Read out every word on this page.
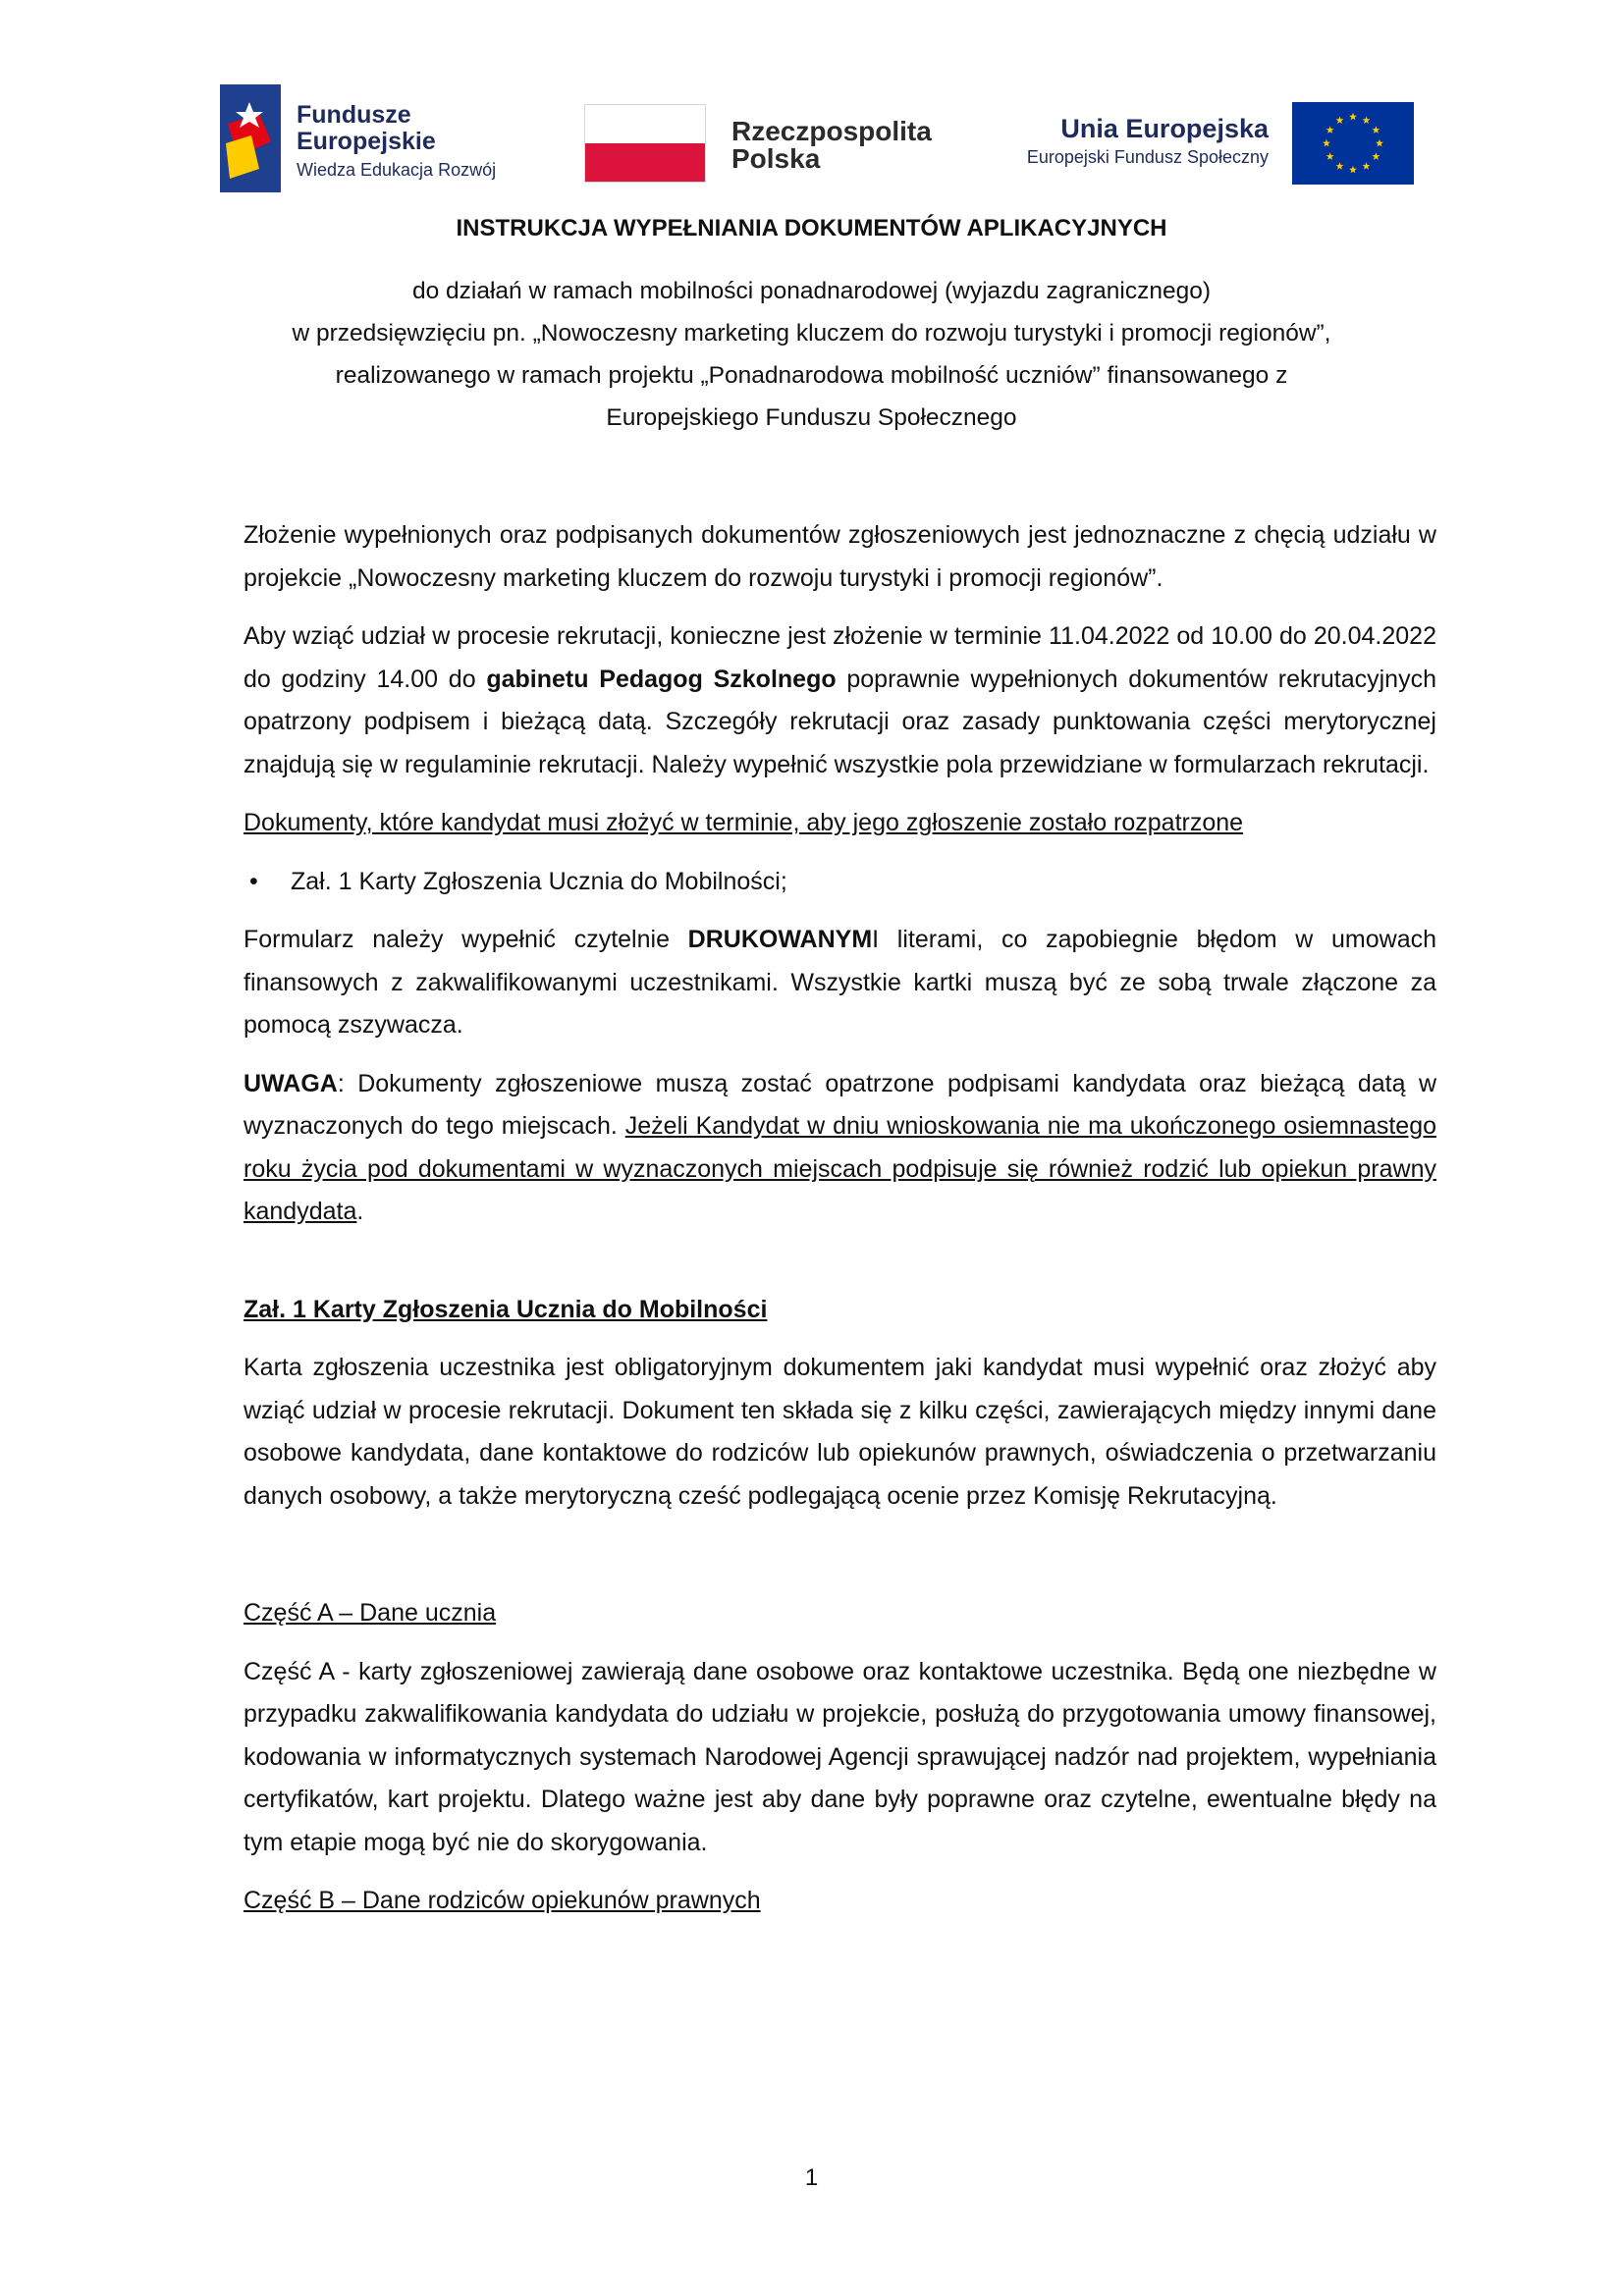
Fundusze
Europejskie
Wiedza Edukacja Rozwój
Rzeczpospolita
Polska
Unia Europejska
Europejski Fundusz Społeczny
INSTRUKCJA WYPEŁNIANIA DOKUMENTÓW APLIKACYJNYCH
do działań w ramach mobilności ponadnarodowej (wyjazdu zagranicznego)
w przedsięwzięciu pn. „Nowoczesny marketing kluczem do rozwoju turystyki i promocji regionów”,
realizowanego w ramach projektu „Ponadnarodowa mobilność uczniów” finansowanego z
Europejskiego Funduszu Społecznego

Złożenie wypełnionych oraz podpisanych dokumentów zgłoszeniowych jest jednoznaczne z chęcią udziału w projekcie „Nowoczesny marketing kluczem do rozwoju turystyki i promocji regionów”.

Aby wziąć udział w procesie rekrutacji, konieczne jest złożenie w terminie 11.04.2022 od 10.00 do 20.04.2022 do godziny 14.00 do gabinetu Pedagog Szkolnego poprawnie wypełnionych dokumentów rekrutacyjnych opatrzony podpisem i bieżącą datą. Szczegóły rekrutacji oraz zasady punktowania części merytorycznej znajdują się w regulaminie rekrutacji. Należy wypełnić wszystkie pola przewidziane w formularzach rekrutacji.

Dokumenty, które kandydat musi złożyć w terminie, aby jego zgłoszenie zostało rozpatrzone

• Zał. 1 Karty Zgłoszenia Ucznia do Mobilności;

Formularz należy wypełnić czytelnie DRUKOWANYMI literami, co zapobiegnie błędom w umowach finansowych z zakwalifikowanymi uczestnikami. Wszystkie kartki muszą być ze sobą trwale złączone za pomocą zszywacza.

UWAGA: Dokumenty zgłoszeniowe muszą zostać opatrzone podpisami kandydata oraz bieżącą datą w wyznaczonych do tego miejscach. Jeżeli Kandydat w dniu wnioskowania nie ma ukończonego osiemnastego roku życia pod dokumentami w wyznaczonych miejscach podpisuje się również rodzić lub opiekun prawny kandydata.

Zał. 1 Karty Zgłoszenia Ucznia do Mobilności

Karta zgłoszenia uczestnika jest obligatoryjnym dokumentem jaki kandydat musi wypełnić oraz złożyć aby wziąć udział w procesie rekrutacji. Dokument ten składa się z kilku części, zawierających między innymi dane osobowe kandydata, dane kontaktowe do rodziców lub opiekunów prawnych, oświadczenia o przetwarzaniu danych osobowy, a także merytoryczną cześć podlegającą ocenie przez Komisję Rekrutacyjną.

Część A – Dane ucznia

Część A - karty zgłoszeniowej zawierają dane osobowe oraz kontaktowe uczestnika. Będą one niezbędne w przypadku zakwalifikowania kandydata do udziału w projekcie, posłużą do przygotowania umowy finansowej, kodowania w informatycznych systemach Narodowej Agencji sprawującej nadzór nad projektem, wypełniania certyfikatów, kart projektu. Dlatego ważne jest aby dane były poprawne oraz czytelne, ewentualne błędy na tym etapie mogą być nie do skorygowania.

Część B – Dane rodziców opiekunów prawnych

1
